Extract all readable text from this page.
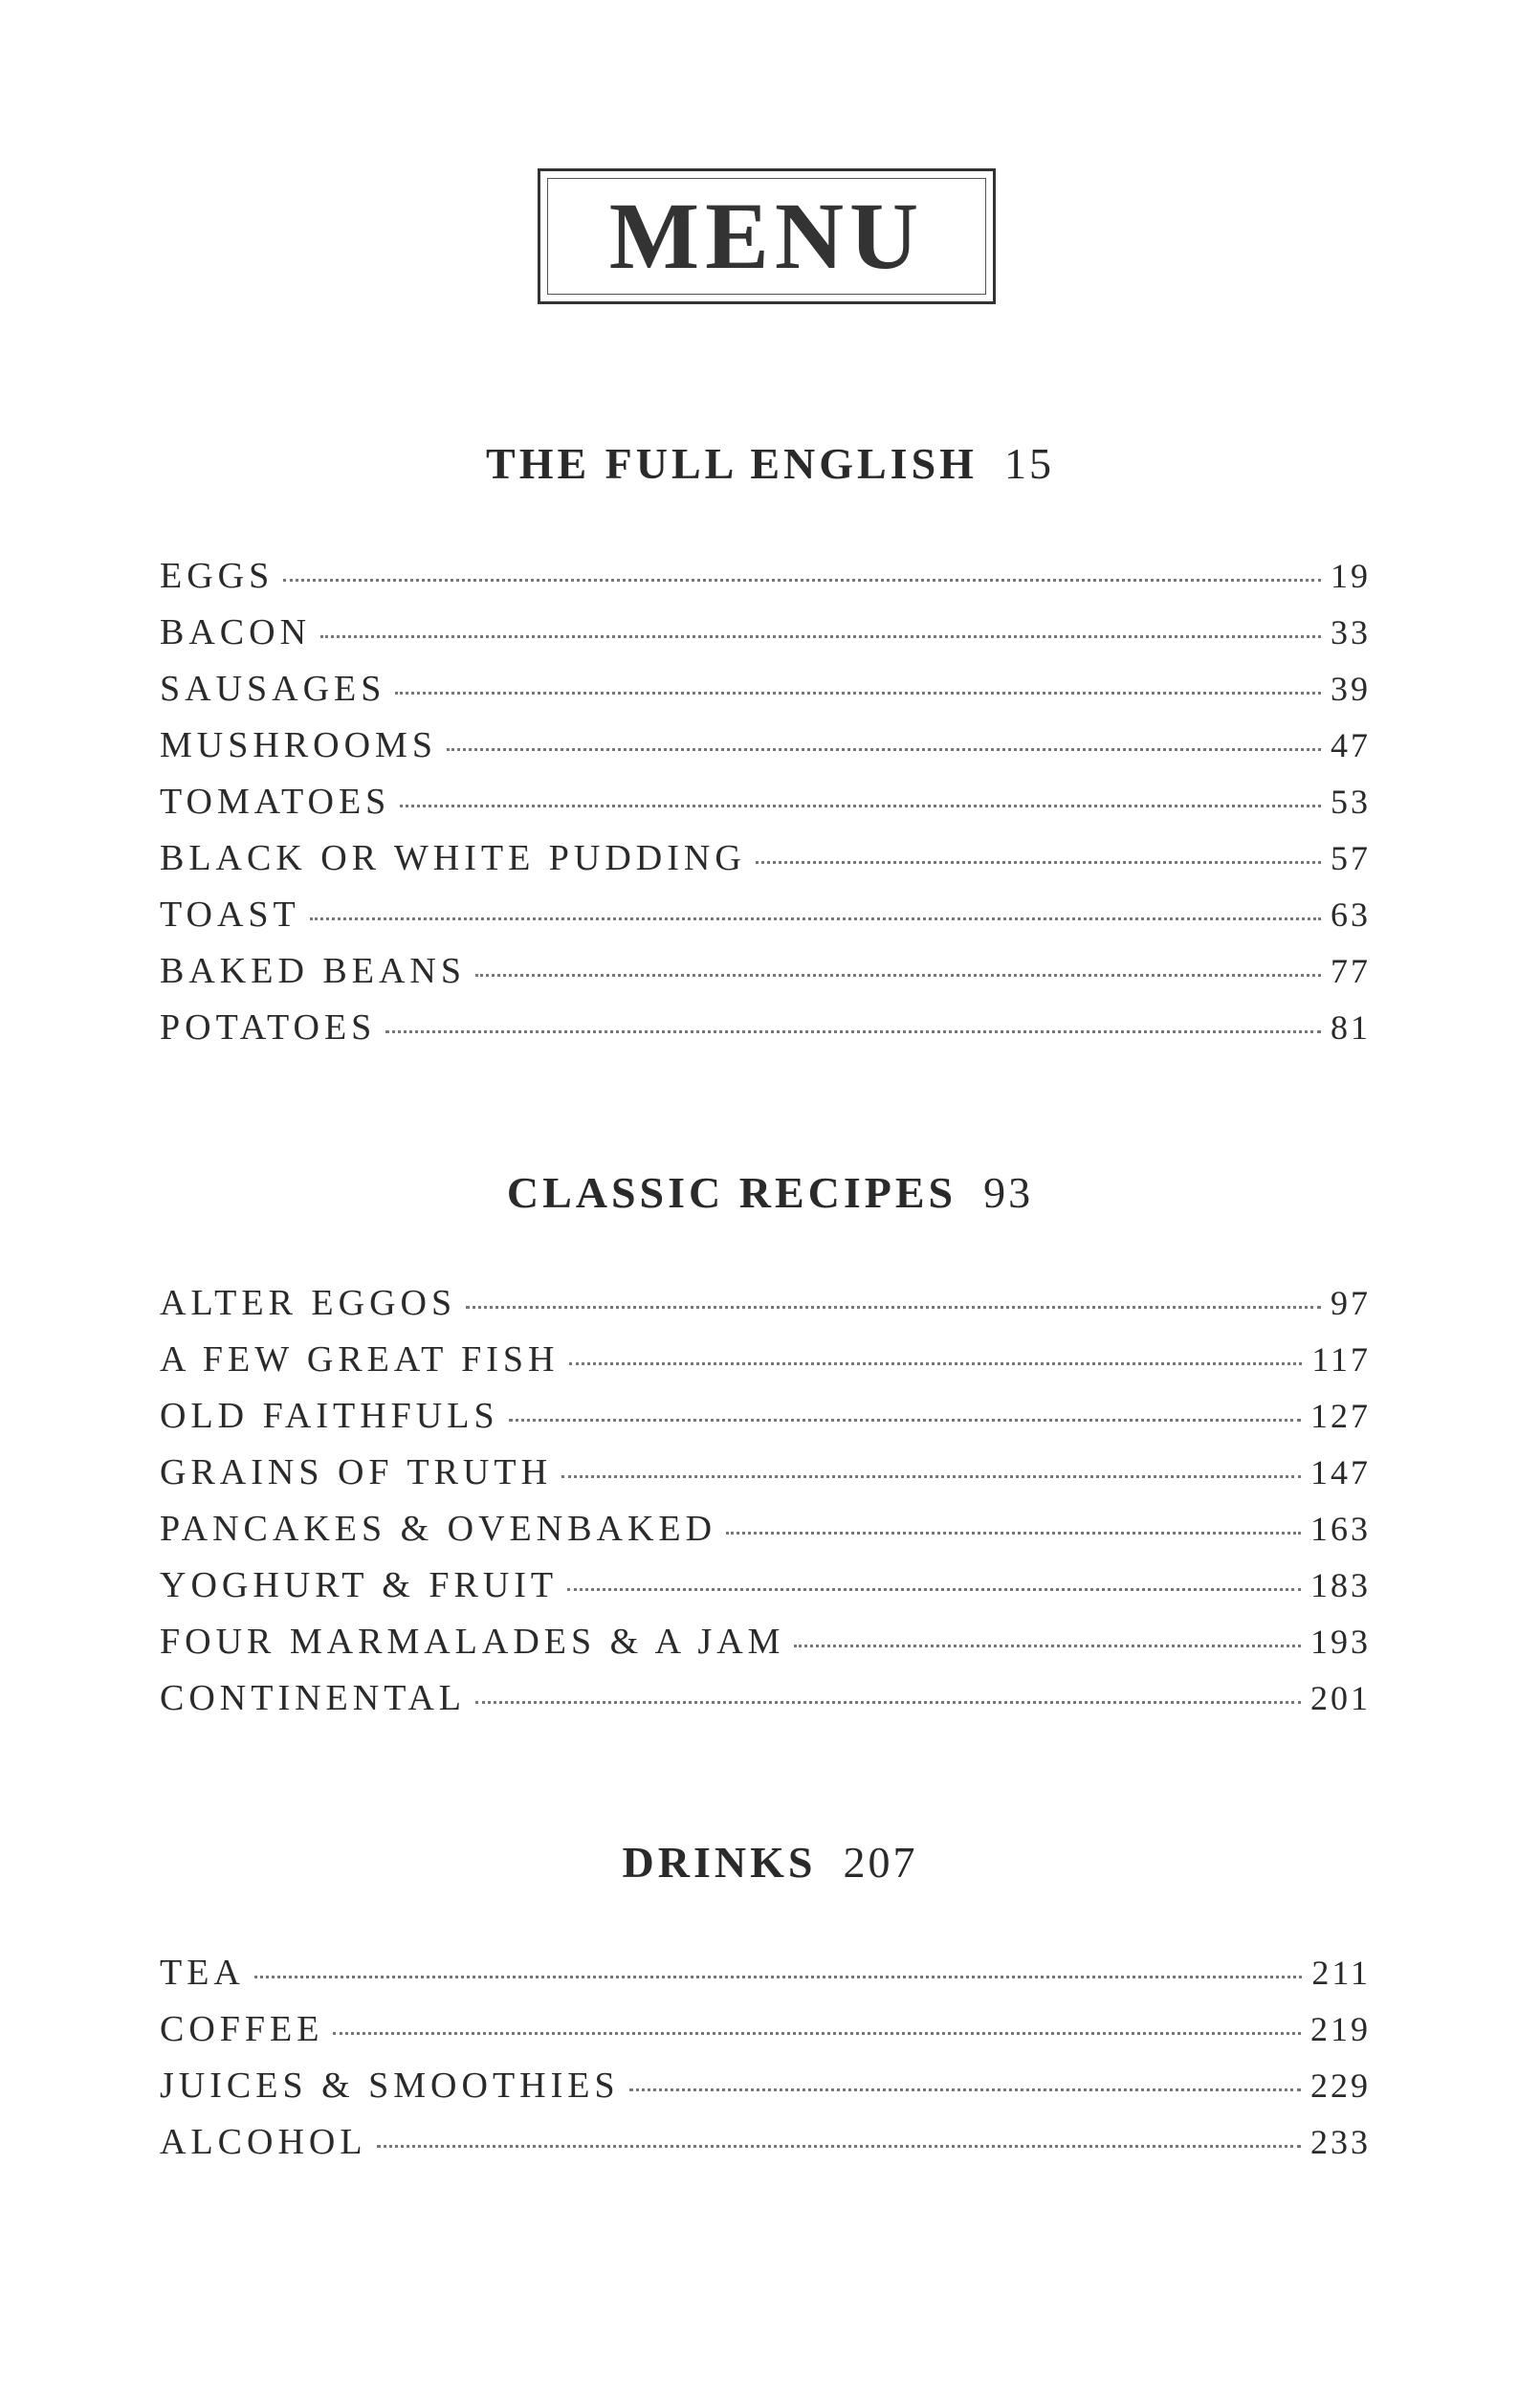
MENU
THE FULL ENGLISH 15
EGGS	19
BACON	33
SAUSAGES	39
MUSHROOMS	47
TOMATOES	53
BLACK OR WHITE PUDDING	57
TOAST	63
BAKED BEANS	77
POTATOES	81
CLASSIC RECIPES 93
ALTER EGGOS	97
A FEW GREAT FISH	117
OLD FAITHFULS	127
GRAINS OF TRUTH	147
PANCAKES & OVENBAKED	163
YOGHURT & FRUIT	183
FOUR MARMALADES & A JAM	193
CONTINENTAL	201
DRINKS 207
TEA	211
COFFEE	219
JUICES & SMOOTHIES	229
ALCOHOL	233
